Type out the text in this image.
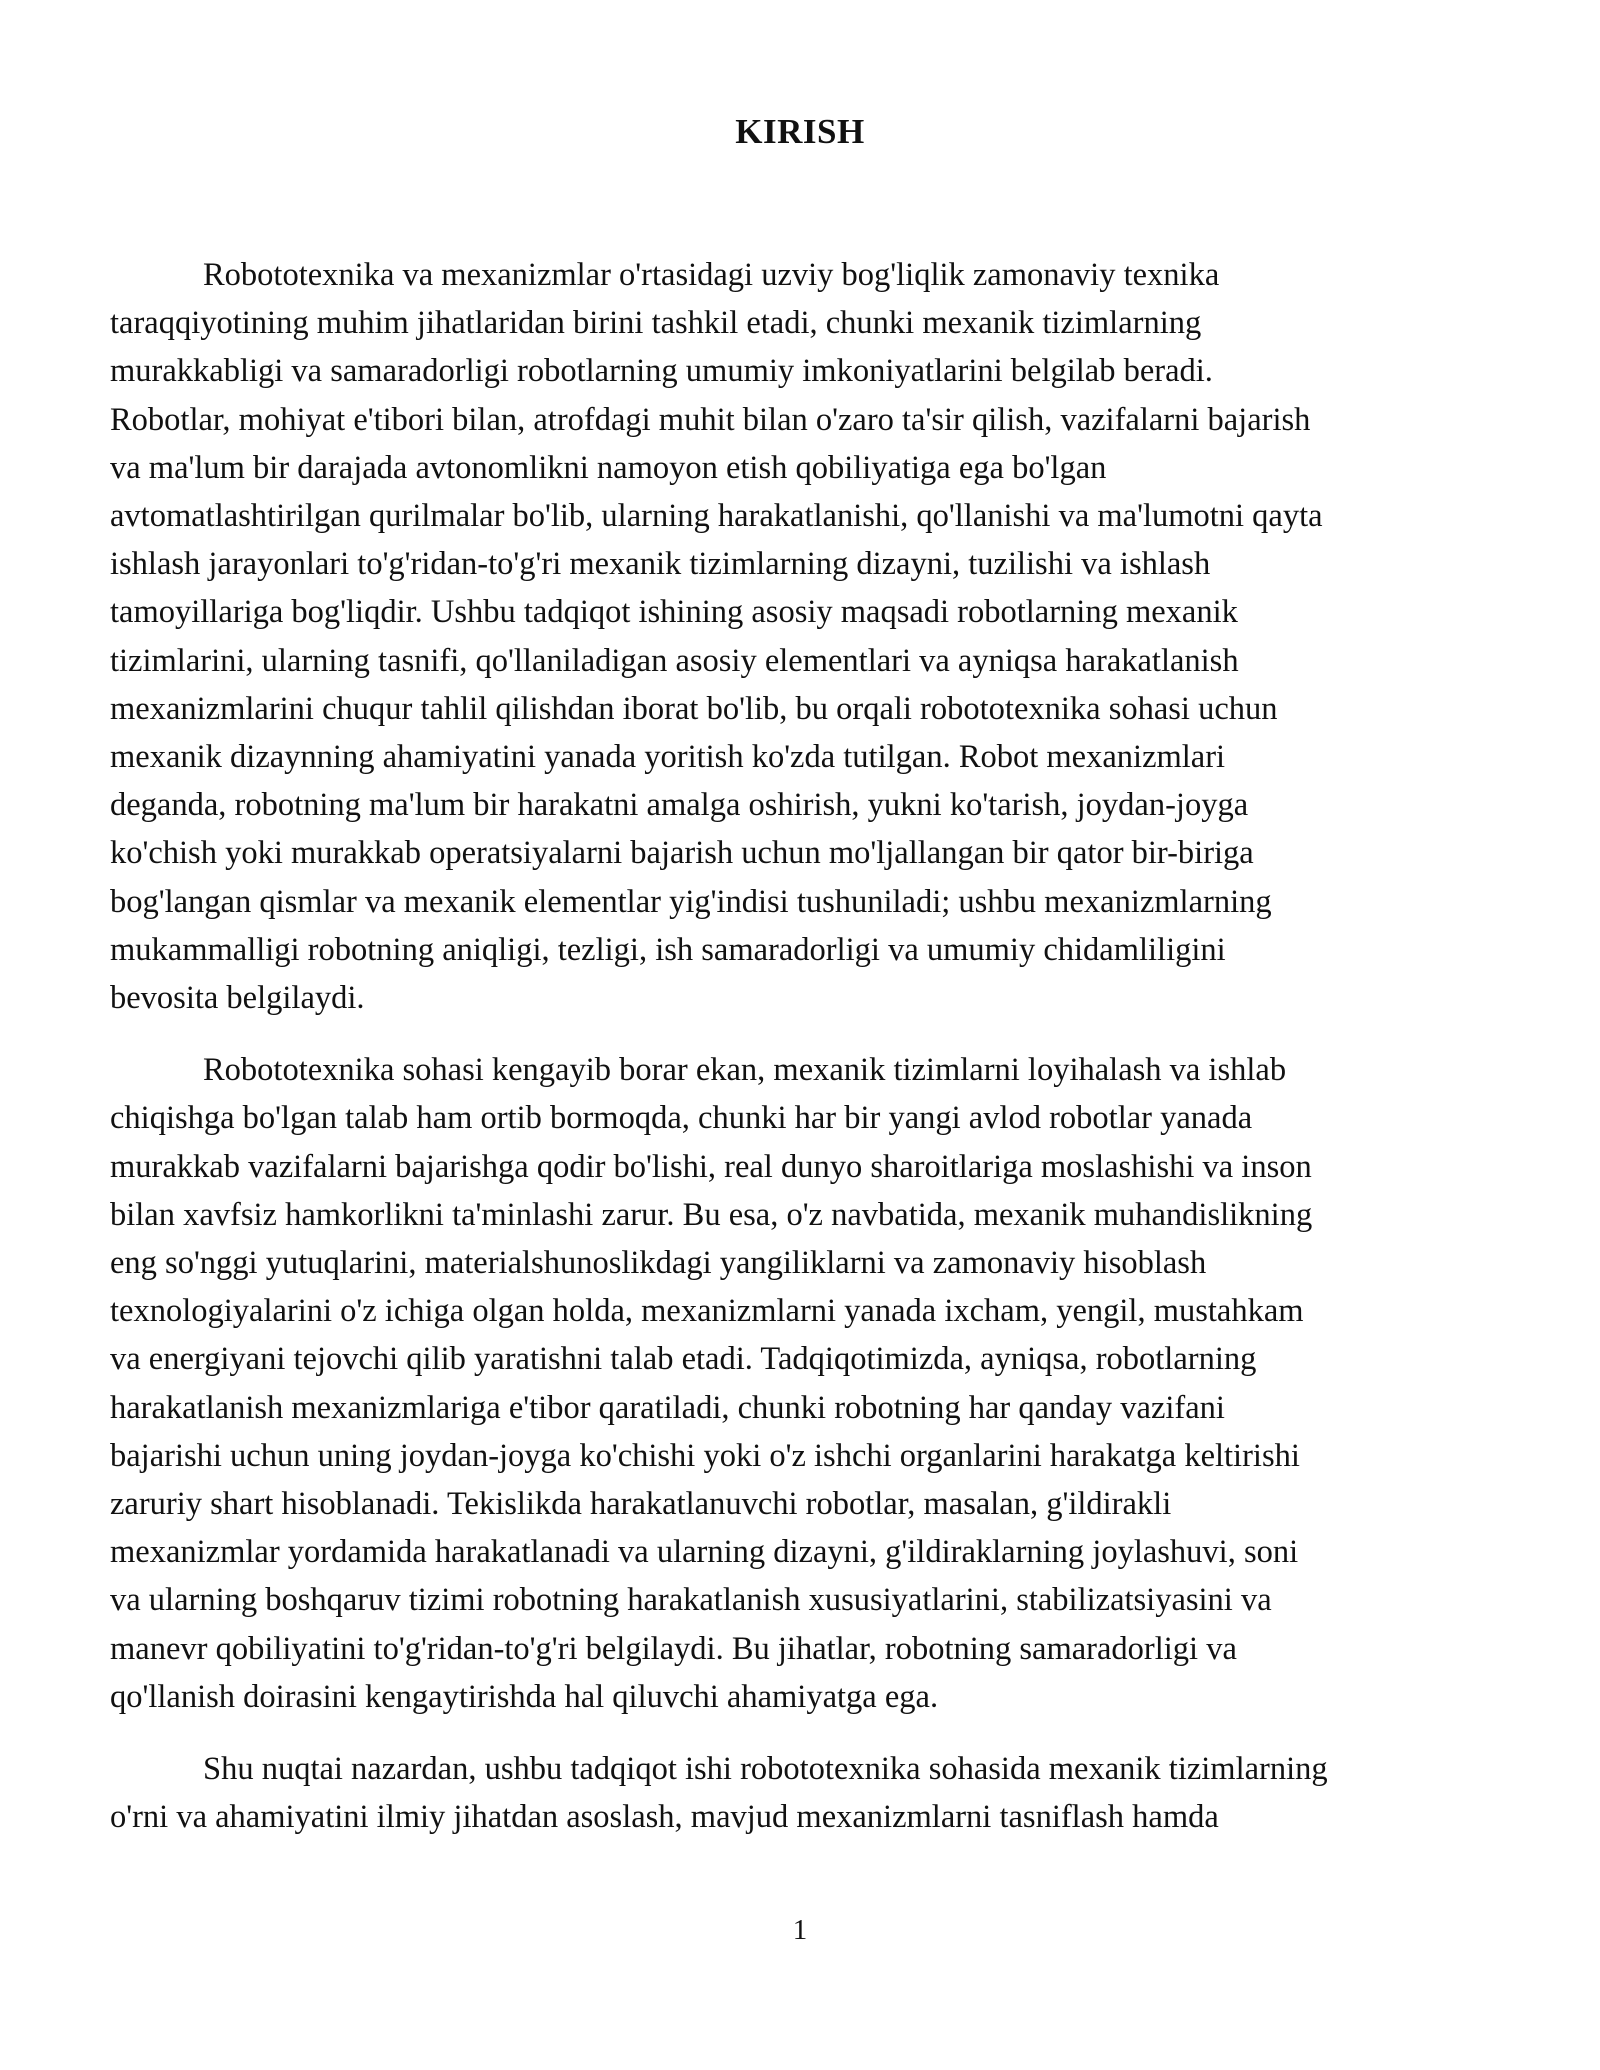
KIRISH

Robototexnika va mexanizmlar o'rtasidagi uzviy bog'liqlik zamonaviy texnika
taraqqiyotining muhim jihatlaridan birini tashkil etadi, chunki mexanik tizimlarning
murakkabligi va samaradorligi robotlarning umumiy imkoniyatlarini belgilab beradi.
Robotlar, mohiyat e'tibori bilan, atrofdagi muhit bilan o'zaro ta'sir qilish, vazifalarni bajarish
va ma'lum bir darajada avtonomlikni namoyon etish qobiliyatiga ega bo'lgan
avtomatlashtirilgan qurilmalar bo'lib, ularning harakatlanishi, qo'llanishi va ma'lumotni qayta
ishlash jarayonlari to'g'ridan-to'g'ri mexanik tizimlarning dizayni, tuzilishi va ishlash
tamoyillariga bog'liqdir. Ushbu tadqiqot ishining asosiy maqsadi robotlarning mexanik
tizimlarini, ularning tasnifi, qo'llaniladigan asosiy elementlari va ayniqsa harakatlanish
mexanizmlarini chuqur tahlil qilishdan iborat bo'lib, bu orqali robototexnika sohasi uchun
mexanik dizaynning ahamiyatini yanada yoritish ko'zda tutilgan. Robot mexanizmlari
deganda, robotning ma'lum bir harakatni amalga oshirish, yukni ko'tarish, joydan-joyga
ko'chish yoki murakkab operatsiyalarni bajarish uchun mo'ljallangan bir qator bir-biriga
bog'langan qismlar va mexanik elementlar yig'indisi tushuniladi; ushbu mexanizmlarning
mukammalligi robotning aniqligi, tezligi, ish samaradorligi va umumiy chidamliligini
bevosita belgilaydi.

Robototexnika sohasi kengayib borar ekan, mexanik tizimlarni loyihalash va ishlab
chiqishga bo'lgan talab ham ortib bormoqda, chunki har bir yangi avlod robotlar yanada
murakkab vazifalarni bajarishga qodir bo'lishi, real dunyo sharoitlariga moslashishi va inson
bilan xavfsiz hamkorlikni ta'minlashi zarur. Bu esa, o'z navbatida, mexanik muhandislikning
eng so'nggi yutuqlarini, materialshunoslikdagi yangiliklarni va zamonaviy hisoblash
texnologiyalarini o'z ichiga olgan holda, mexanizmlarni yanada ixcham, yengil, mustahkam
va energiyani tejovchi qilib yaratishni talab etadi. Tadqiqotimizda, ayniqsa, robotlarning
harakatlanish mexanizmlariga e'tibor qaratiladi, chunki robotning har qanday vazifani
bajarishi uchun uning joydan-joyga ko'chishi yoki o'z ishchi organlarini harakatga keltirishi
zaruriy shart hisoblanadi. Tekislikda harakatlanuvchi robotlar, masalan, g'ildirakli
mexanizmlar yordamida harakatlanadi va ularning dizayni, g'ildiraklarning joylashuvi, soni
va ularning boshqaruv tizimi robotning harakatlanish xususiyatlarini, stabilizatsiyasini va
manevr qobiliyatini to'g'ridan-to'g'ri belgilaydi. Bu jihatlar, robotning samaradorligi va
qo'llanish doirasini kengaytirishda hal qiluvchi ahamiyatga ega.

Shu nuqtai nazardan, ushbu tadqiqot ishi robototexnika sohasida mexanik tizimlarning
o'rni va ahamiyatini ilmiy jihatdan asoslash, mavjud mexanizmlarni tasniflash hamda

1
